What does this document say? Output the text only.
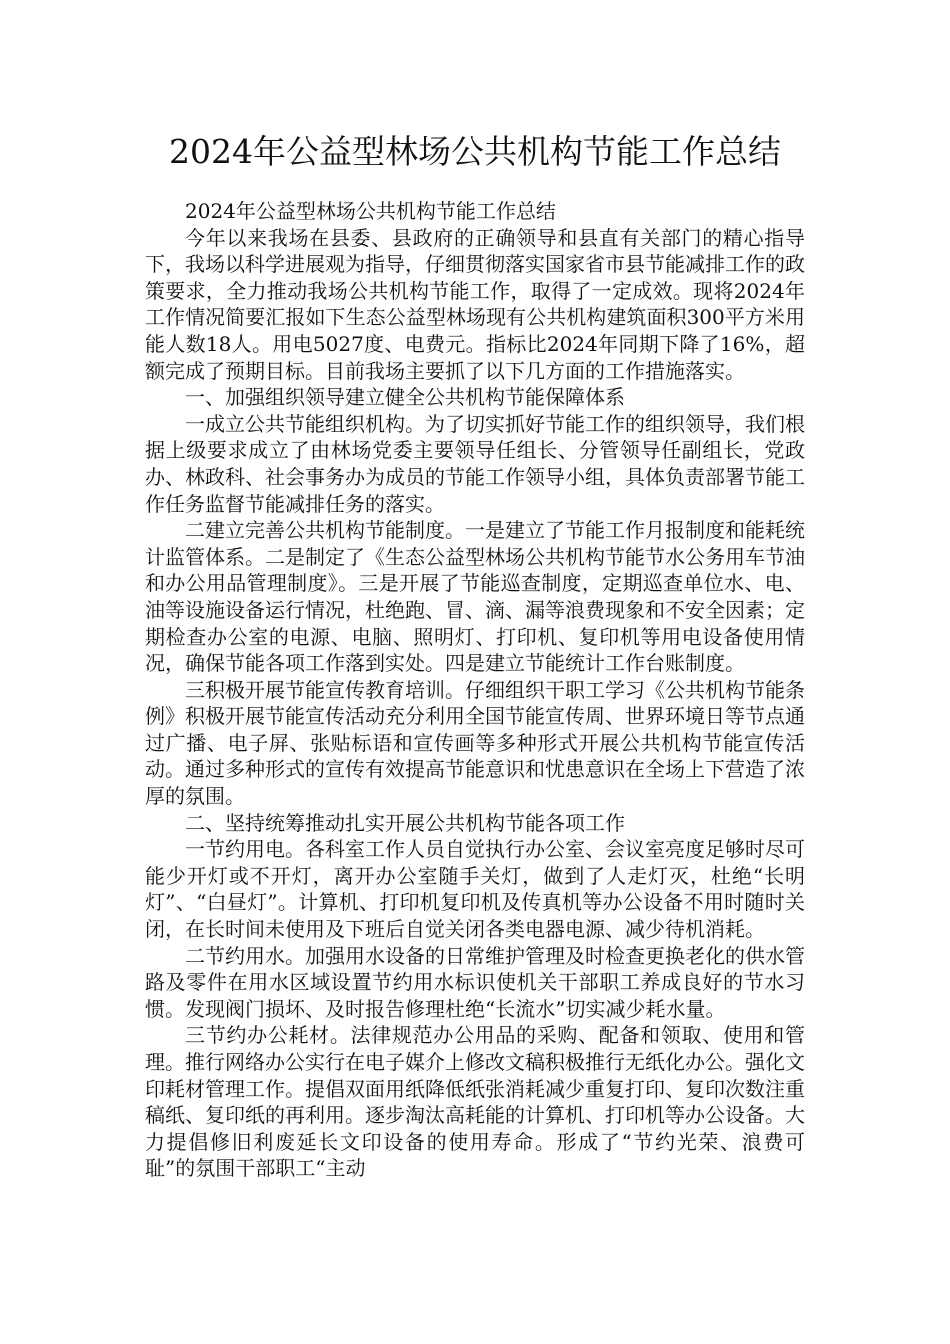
2024年公益型林场公共机构节能工作总结

2024年公益型林场公共机构节能工作总结

今年以来我场在县委、县政府的正确领导和县直有关部门的精心指导下，我场以科学进展观为指导，仔细贯彻落实国家省市县节能减排工作的政策要求，全力推动我场公共机构节能工作，取得了一定成效。现将2024年工作情况简要汇报如下生态公益型林场现有公共机构建筑面积300平方米用能人数18人。用电5027度、电费元。指标比2024年同期下降了16%，超额完成了预期目标。目前我场主要抓了以下几方面的工作措施落实。

一、加强组织领导建立健全公共机构节能保障体系

一成立公共节能组织机构。为了切实抓好节能工作的组织领导，我们根据上级要求成立了由林场党委主要领导任组长、分管领导任副组长，党政办、林政科、社会事务办为成员的节能工作领导小组，具体负责部署节能工作任务监督节能减排任务的落实。

二建立完善公共机构节能制度。一是建立了节能工作月报制度和能耗统计监管体系。二是制定了《生态公益型林场公共机构节能节水公务用车节油和办公用品管理制度》。三是开展了节能巡查制度，定期巡查单位水、电、油等设施设备运行情况，杜绝跑、冒、滴、漏等浪费现象和不安全因素；定期检查办公室的电源、电脑、照明灯、打印机、复印机等用电设备使用情况，确保节能各项工作落到实处。四是建立节能统计工作台账制度。

三积极开展节能宣传教育培训。仔细组织干职工学习《公共机构节能条例》积极开展节能宣传活动充分利用全国节能宣传周、世界环境日等节点通过广播、电子屏、张贴标语和宣传画等多种形式开展公共机构节能宣传活动。通过多种形式的宣传有效提高节能意识和忧患意识在全场上下营造了浓厚的氛围。

二、坚持统筹推动扎实开展公共机构节能各项工作

一节约用电。各科室工作人员自觉执行办公室、会议室亮度足够时尽可能少开灯或不开灯，离开办公室随手关灯，做到了人走灯灭，杜绝“长明灯”、“白昼灯”。计算机、打印机复印机及传真机等办公设备不用时随时关闭，在长时间未使用及下班后自觉关闭各类电器电源、减少待机消耗。

二节约用水。加强用水设备的日常维护管理及时检查更换老化的供水管路及零件在用水区域设置节约用水标识使机关干部职工养成良好的节水习惯。发现阀门损坏、及时报告修理杜绝“长流水”切实减少耗水量。

三节约办公耗材。法律规范办公用品的采购、配备和领取、使用和管理。推行网络办公实行在电子媒介上修改文稿积极推行无纸化办公。强化文印耗材管理工作。提倡双面用纸降低纸张消耗减少重复打印、复印次数注重稿纸、复印纸的再利用。逐步淘汰高耗能的计算机、打印机等办公设备。大力提倡修旧利废延长文印设备的使用寿命。形成了“节约光荣、浪费可耻”的氛围干部职工“主动
